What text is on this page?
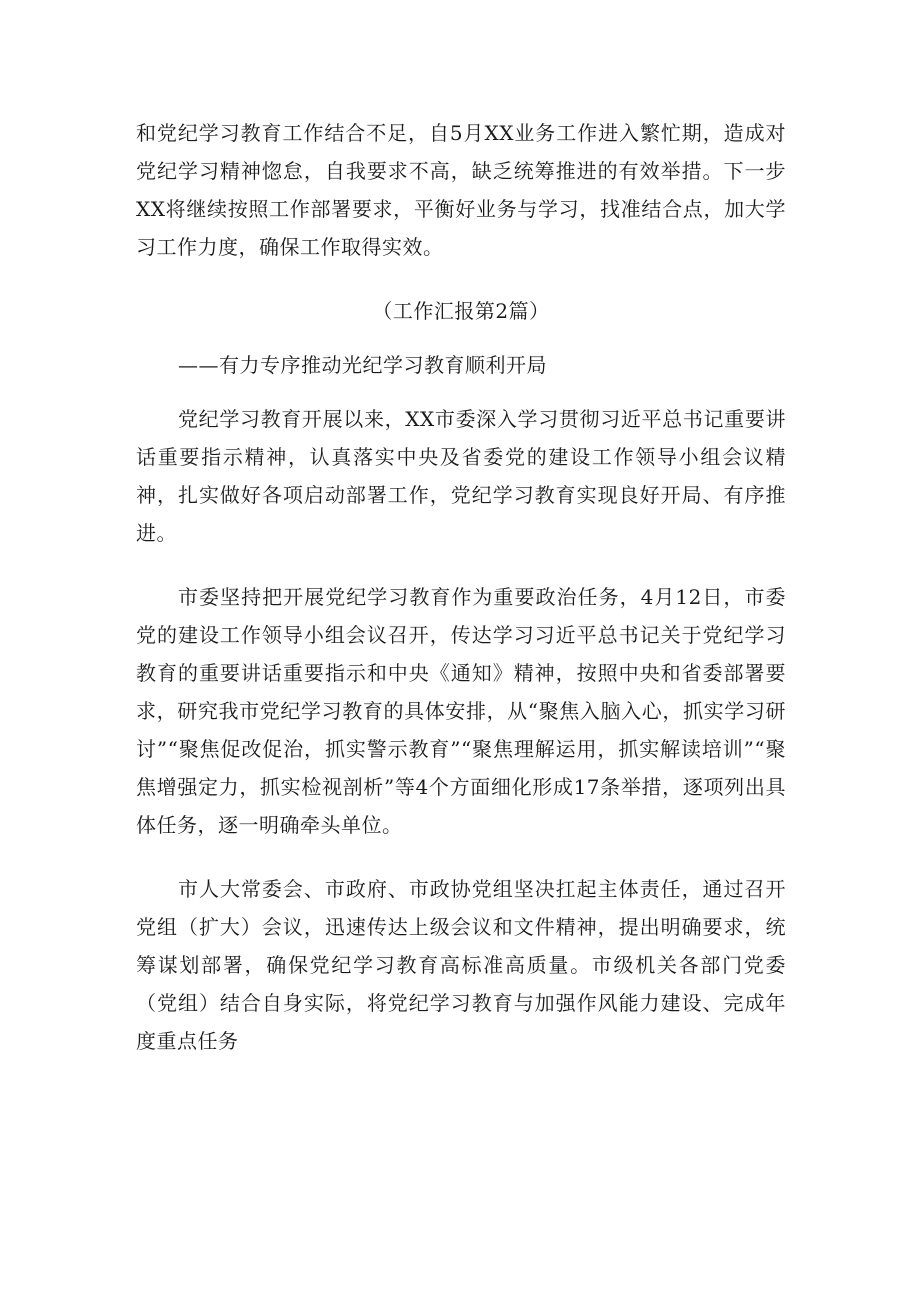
和党纪学习教育工作结合不足，自5月XX业务工作进入繁忙期，造成对党纪学习精神惚怠，自我要求不高，缺乏统筹推进的有效举措。下一步XX将继续按照工作部署要求，平衡好业务与学习，找准结合点，加大学习工作力度，确保工作取得实效。

（工作汇报第2篇）

——有力专序推动光纪学习教育顺利开局

党纪学习教育开展以来，XX市委深入学习贯彻习近平总书记重要讲话重要指示精神，认真落实中央及省委党的建设工作领导小组会议精神，扎实做好各项启动部署工作，党纪学习教育实现良好开局、有序推进。

市委坚持把开展党纪学习教育作为重要政治任务，4月12日，市委党的建设工作领导小组会议召开，传达学习习近平总书记关于党纪学习教育的重要讲话重要指示和中央《通知》精神，按照中央和省委部署要求，研究我市党纪学习教育的具体安排，从“聚焦入脑入心，抓实学习研讨”“聚焦促改促治，抓实警示教育”“聚焦理解运用，抓实解读培训”“聚焦增强定力，抓实检视剖析”等4个方面细化形成17条举措，逐项列出具体任务，逐一明确牵头单位。

市人大常委会、市政府、市政协党组坚决扛起主体责任，通过召开党组（扩大）会议，迅速传达上级会议和文件精神，提出明确要求，统筹谋划部署，确保党纪学习教育高标准高质量。市级机关各部门党委（党组）结合自身实际，将党纪学习教育与加强作风能力建设、完成年度重点任务
